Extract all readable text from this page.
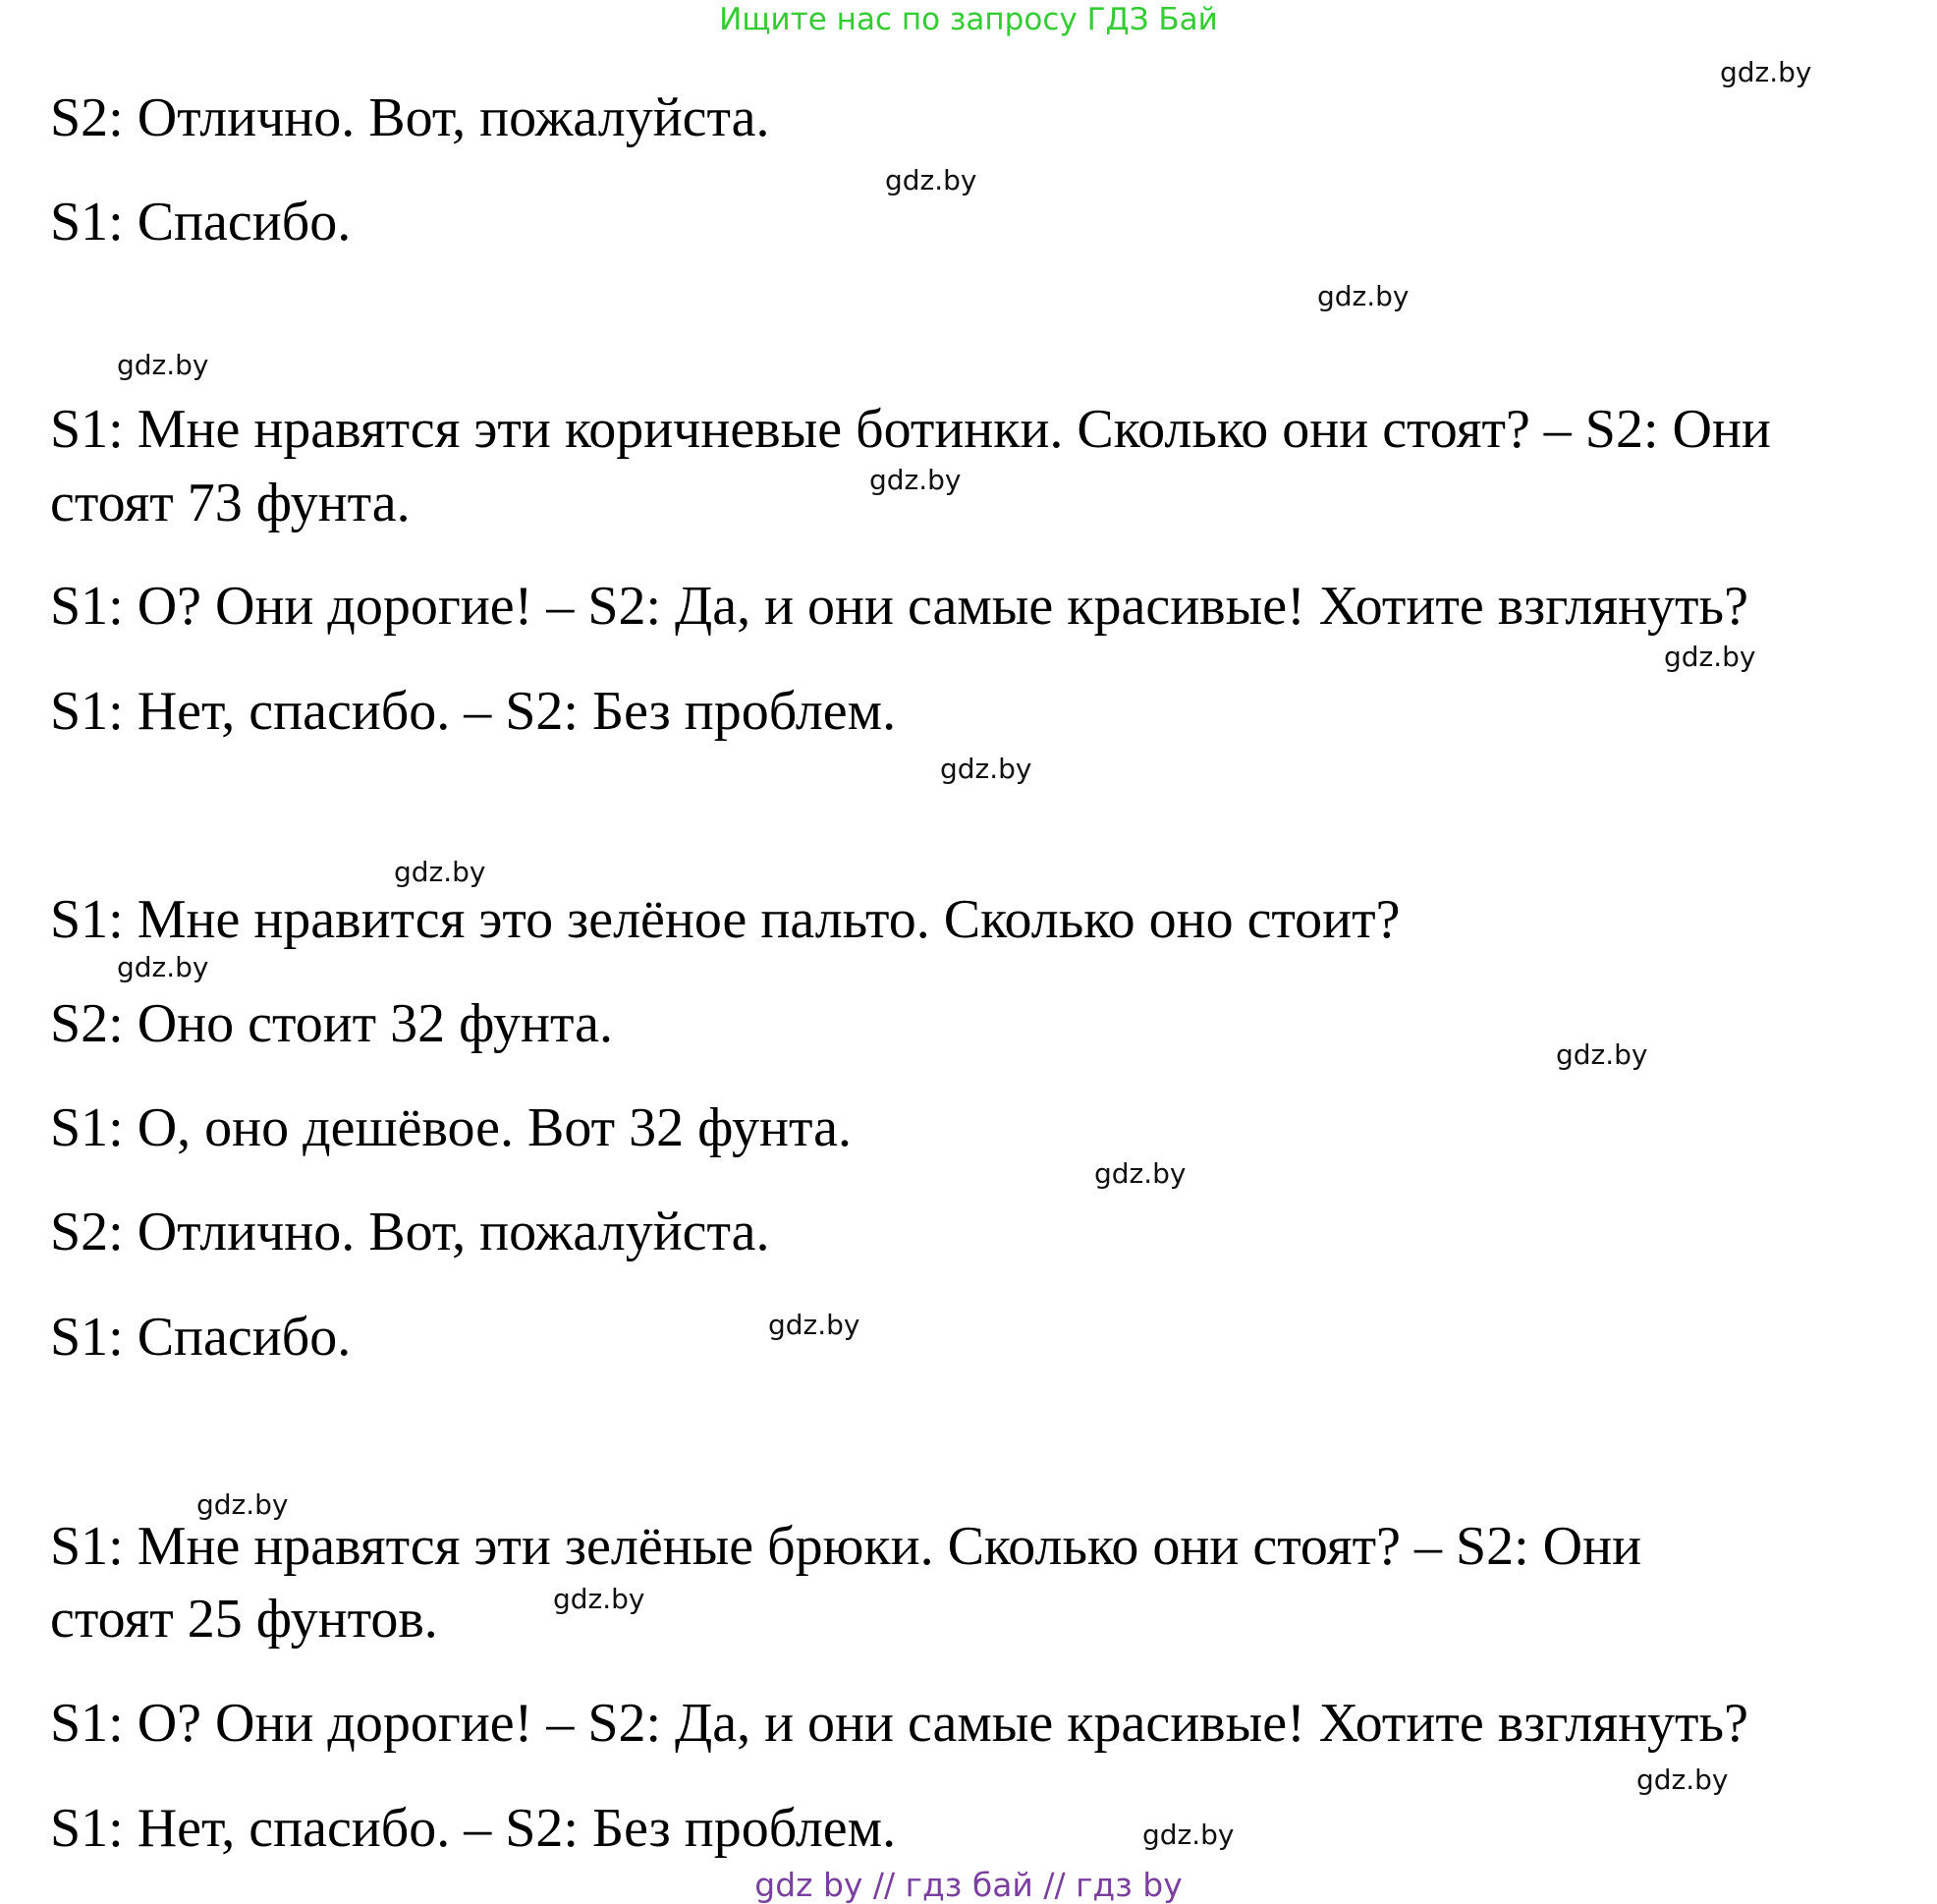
Ищите нас по запросу ГДЗ Бай
S2: Отлично. Вот, пожалуйста.
S1: Спасибо.
S1: Мне нравятся эти коричневые ботинки. Сколько они стоят? – S2: Они
стоят 73 фунта.
S1: О? Они дорогие! – S2: Да, и они самые красивые! Хотите взглянуть?
S1: Нет, спасибо. – S2: Без проблем.
S1: Мне нравится это зелёное пальто. Сколько оно стоит?
S2: Оно стоит 32 фунта.
S1: О, оно дешёвое. Вот 32 фунта.
S2: Отлично. Вот, пожалуйста.
S1: Спасибо.
S1: Мне нравятся эти зелёные брюки. Сколько они стоят? – S2: Они
стоят 25 фунтов.
S1: О? Они дорогие! – S2: Да, и они самые красивые! Хотите взглянуть?
S1: Нет, спасибо. – S2: Без проблем.
gdz.by
gdz.by
gdz.by
gdz.by
gdz.by
gdz.by
gdz.by
gdz.by
gdz.by
gdz.by
gdz.by
gdz.by
gdz.by
gdz.by
gdz.by
gdz.by
gdz by // гдз бай // гдз by
